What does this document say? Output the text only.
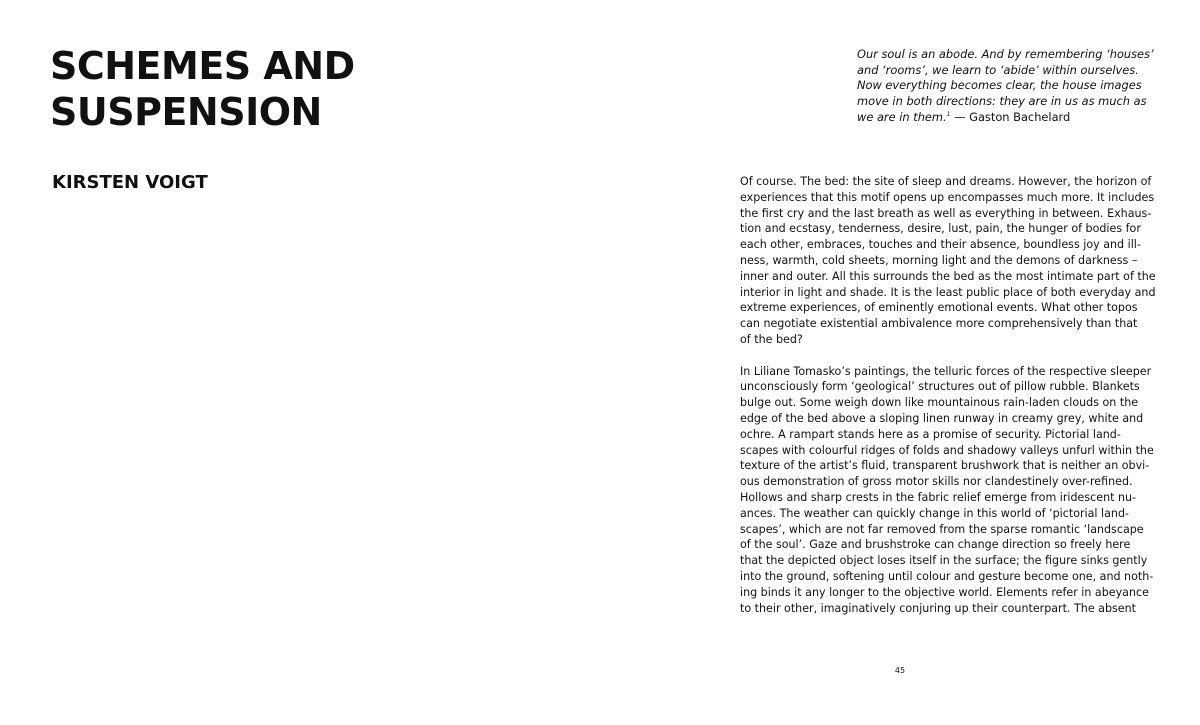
SCHEMES AND
SUSPENSION
KIRSTEN VOIGT
Our soul is an abode. And by remembering ‘houses’
and ‘rooms’, we learn to ‘abide’ within ourselves.
Now everything becomes clear, the house images
move in both directions: they are in us as much as
we are in them.$^1$ — Gaston Bachelard

Of course. The bed: the site of sleep and dreams. However, the horizon of
experiences that this motif opens up encompasses much more. It includes
the first cry and the last breath as well as everything in between. Exhaus-
tion and ecstasy, tenderness, desire, lust, pain, the hunger of bodies for
each other, embraces, touches and their absence, boundless joy and ill-
ness, warmth, cold sheets, morning light and the demons of darkness –
inner and outer. All this surrounds the bed as the most intimate part of the
interior in light and shade. It is the least public place of both everyday and
extreme experiences, of eminently emotional events. What other topos
can negotiate existential ambivalence more comprehensively than that
of the bed?

In Liliane Tomasko’s paintings, the telluric forces of the respective sleeper
unconsciously form ‘geological’ structures out of pillow rubble. Blankets
bulge out. Some weigh down like mountainous rain-laden clouds on the
edge of the bed above a sloping linen runway in creamy grey, white and
ochre. A rampart stands here as a promise of security. Pictorial land-
scapes with colourful ridges of folds and shadowy valleys unfurl within the
texture of the artist’s fluid, transparent brushwork that is neither an obvi-
ous demonstration of gross motor skills nor clandestinely over-refined.
Hollows and sharp crests in the fabric relief emerge from iridescent nu-
ances. The weather can quickly change in this world of ‘pictorial land-
scapes’, which are not far removed from the sparse romantic ‘landscape
of the soul’. Gaze and brushstroke can change direction so freely here
that the depicted object loses itself in the surface; the figure sinks gently
into the ground, softening until colour and gesture become one, and noth-
ing binds it any longer to the objective world. Elements refer in abeyance
to their other, imaginatively conjuring up their counterpart. The absent

45
